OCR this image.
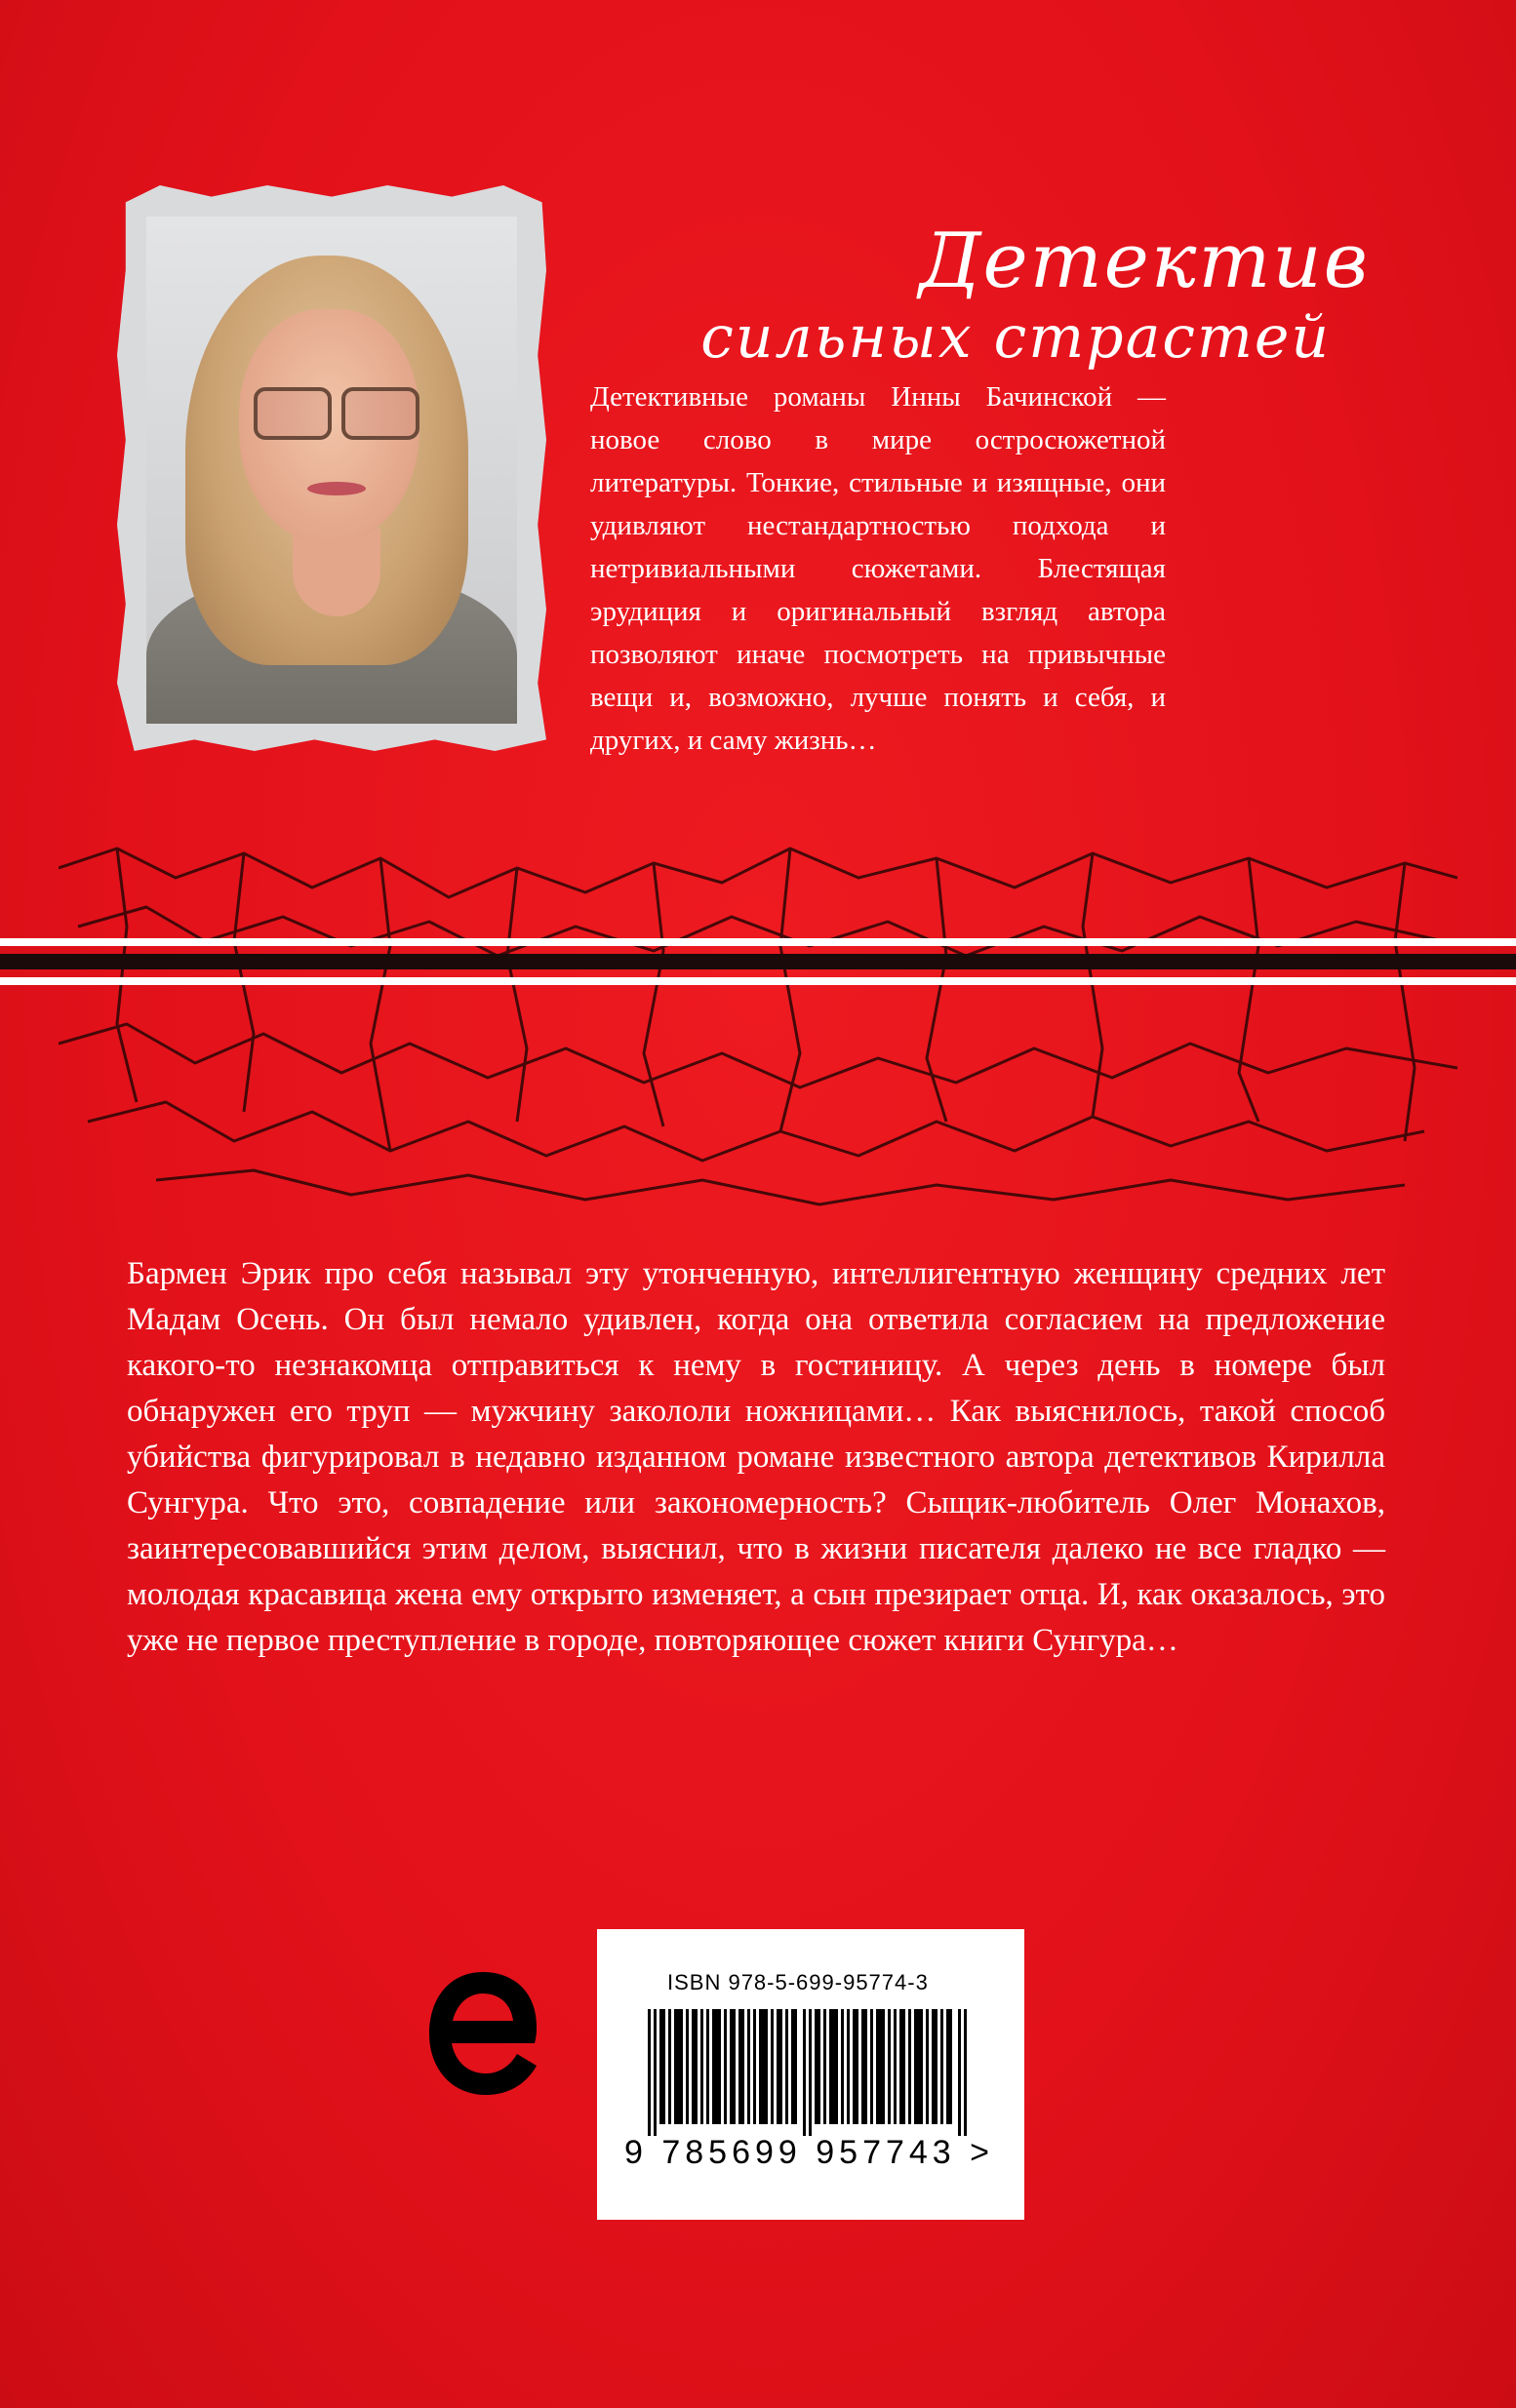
Детектив
сильных страстей
Детективные романы Инны Бачинской — новое слово в мире остросюжетной литературы. Тонкие, стильные и изящные, они удивляют нестандартностью подхода и нетривиальными сюжетами. Блестящая эрудиция и оригинальный взгляд автора позволяют иначе посмотреть на привычные вещи и, возможно, лучше понять и себя, и других, и саму жизнь…
Бармен Эрик про себя называл эту утонченную, интеллигентную женщину средних лет Мадам Осень. Он был немало удивлен, когда она ответила согласием на предложение какого-то незнакомца отправиться к нему в гостиницу. А через день в номере был обнаружен его труп — мужчину закололи ножницами… Как выяснилось, такой способ убийства фигурировал в недавно изданном романе известного автора детективов Кирилла Сунгура. Что это, совпадение или закономерность? Сыщик-любитель Олег Монахов, заинтересовавшийся этим делом, выяснил, что в жизни писателя далеко не все гладко — молодая красавица жена ему открыто изменяет, а сын презирает отца. И, как оказалось, это уже не первое преступление в городе, повторяющее сюжет книги Сунгура…
ISBN 978-5-699-95774-3
9 785699 957743 >
